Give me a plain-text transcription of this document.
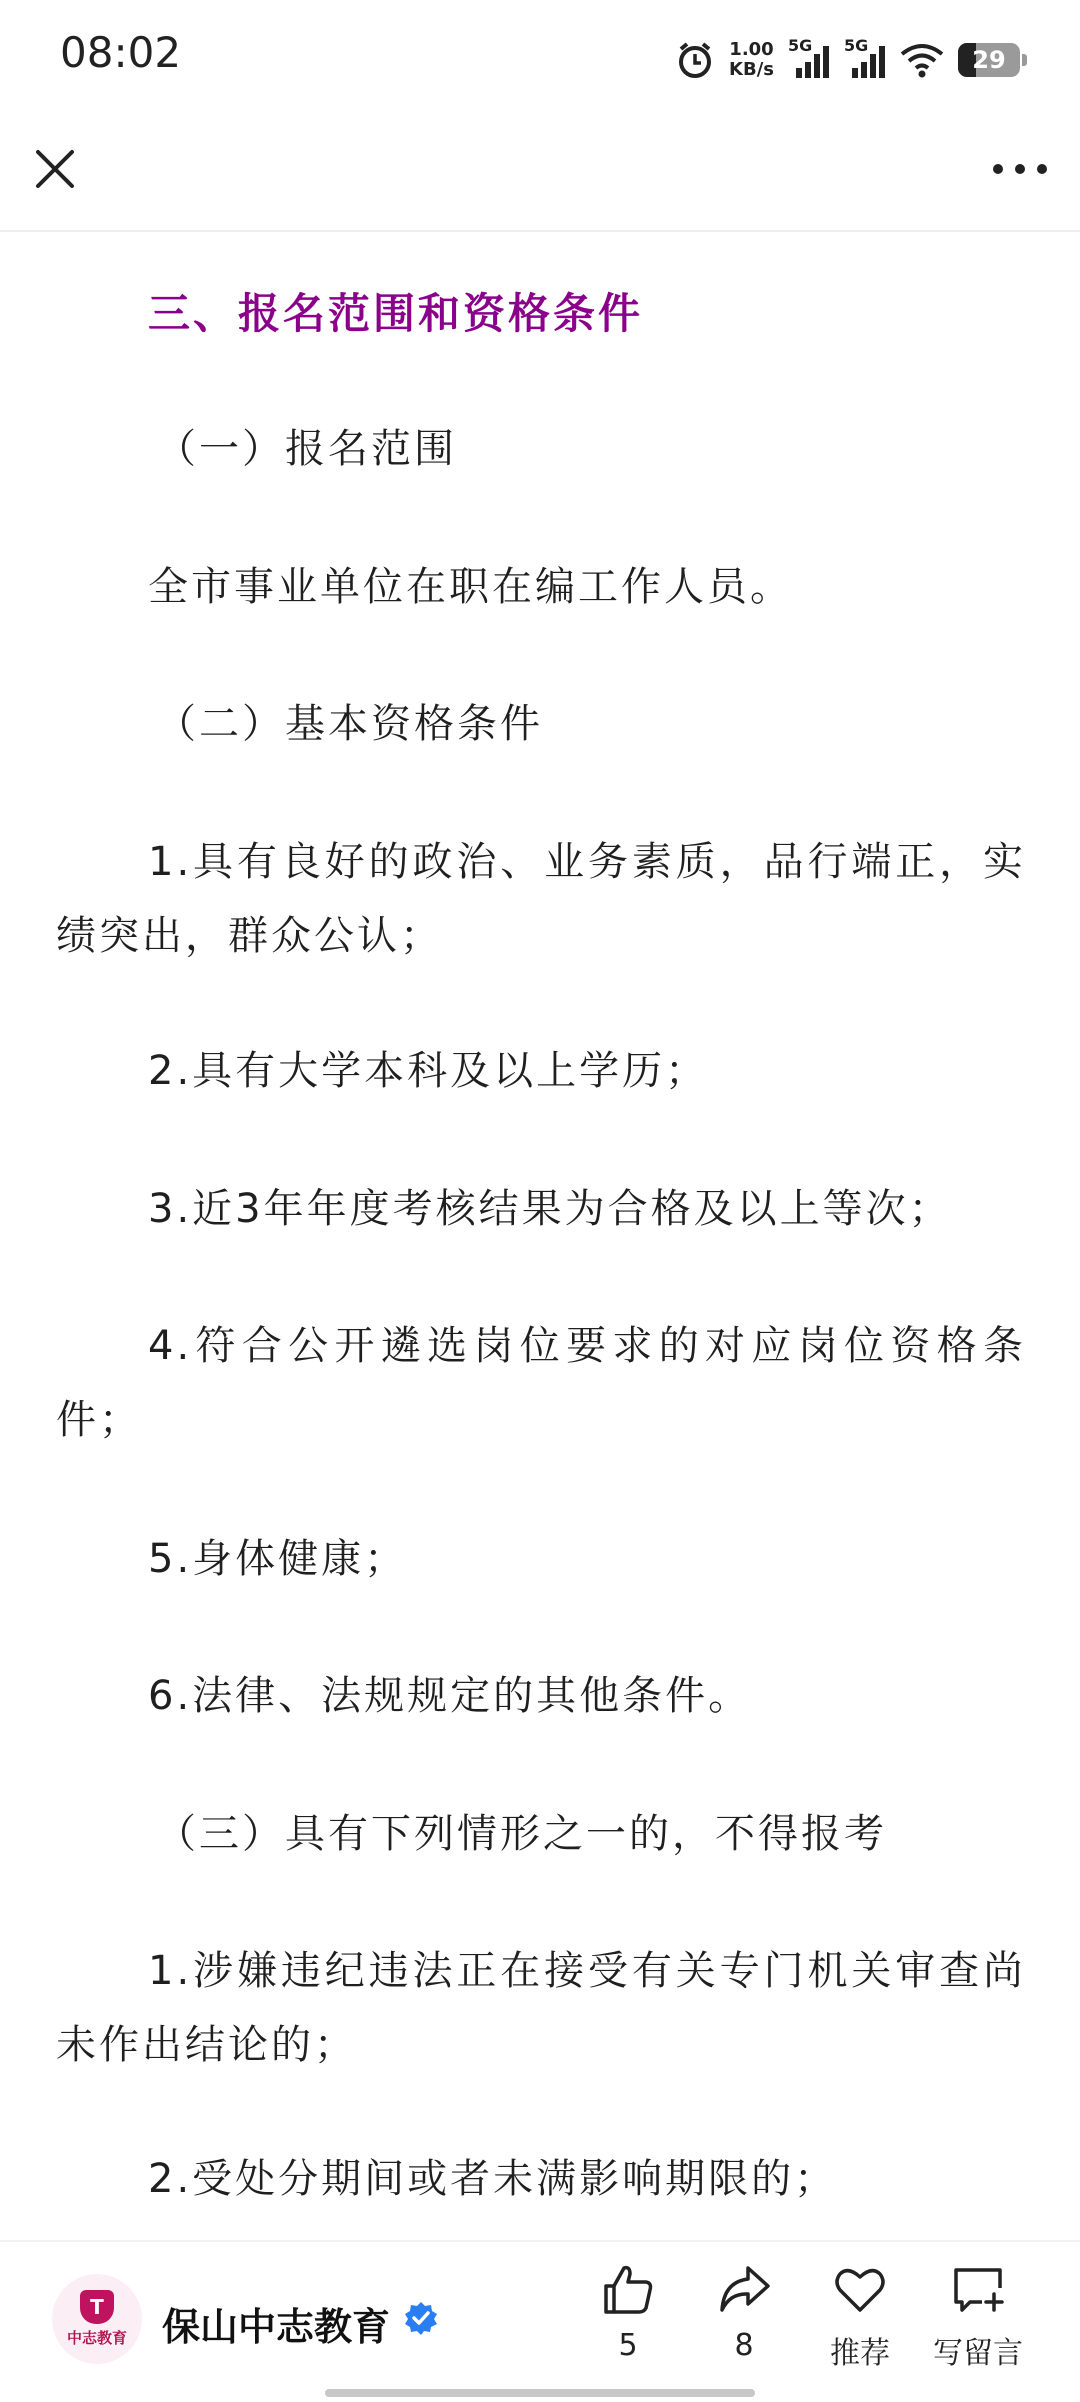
08:02	1.00
KB/s
5G 5G
29
三、报名范围和资格条件
（一）报名范围
全市事业单位在职在编工作人员。
（二）基本资格条件
1.具有良好的政治、业务素质，品行端正，实绩突出，群众公认；
2.具有大学本科及以上学历；
3.近3年年度考核结果为合格及以上等次；
4.符合公开遴选岗位要求的对应岗位资格条件；
5.身体健康；
6.法律、法规规定的其他条件。
（三）具有下列情形之一的，不得报考
1.涉嫌违纪违法正在接受有关专门机关审查尚未作出结论的；
2.受处分期间或者未满影响期限的；
T
中志教育 保山中志教育	5	8	推荐	写留言
